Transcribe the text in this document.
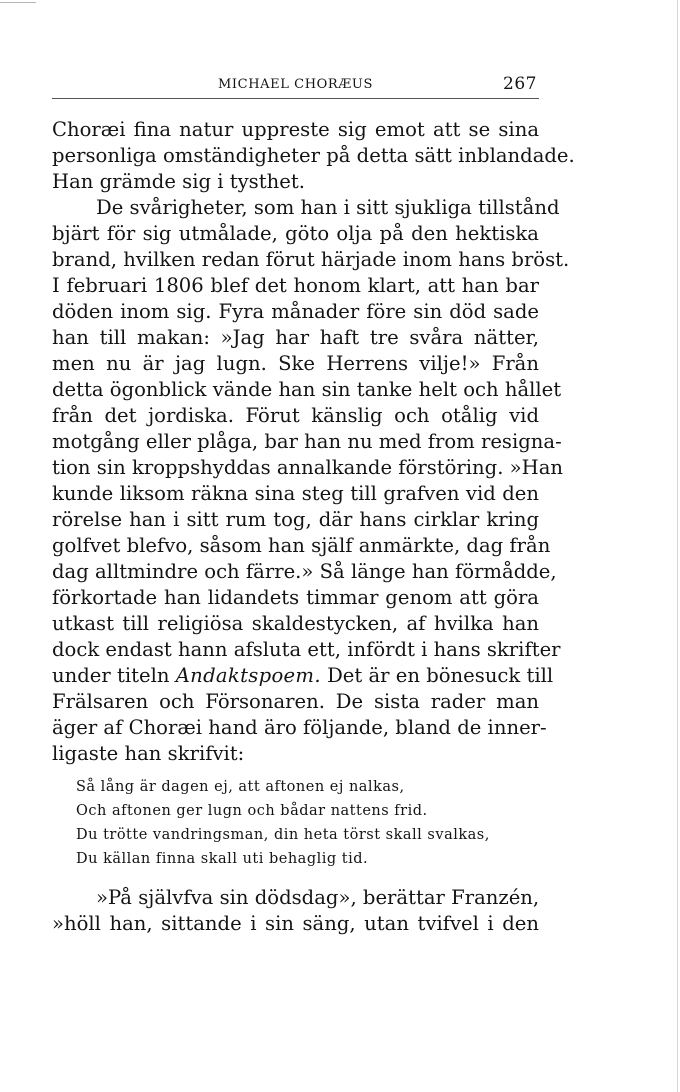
MICHAEL CHORÆUS	267
Choræi fina natur uppreste sig emot att se sina
personliga omständigheter på detta sätt inblandade.
Han grämde sig i tysthet.
De svårigheter, som han i sitt sjukliga tillstånd
bjärt för sig utmålade, göto olja på den hektiska
brand, hvilken redan förut härjade inom hans bröst.
I februari 1806 blef det honom klart, att han bar
döden inom sig. Fyra månader före sin död sade
han till makan: »Jag har haft tre svåra nätter,
men nu är jag lugn. Ske Herrens vilje!» Från
detta ögonblick vände han sin tanke helt och hållet
från det jordiska. Förut känslig och otålig vid
motgång eller plåga, bar han nu med from resigna-
tion sin kroppshyddas annalkande förstöring. »Han
kunde liksom räkna sina steg till grafven vid den
rörelse han i sitt rum tog, där hans cirklar kring
golfvet blefvo, såsom han själf anmärkte, dag från
dag alltmindre och färre.» Så länge han förmådde,
förkortade han lidandets timmar genom att göra
utkast till religiösa skaldestycken, af hvilka han
dock endast hann afsluta ett, infördt i hans skrifter
under titeln Andaktspoem. Det är en bönesuck till
Frälsaren och Försonaren. De sista rader man
äger af Choræi hand äro följande, bland de inner-
ligaste han skrifvit:
Så lång är dagen ej, att aftonen ej nalkas,
Och aftonen ger lugn och bådar nattens frid.
Du trötte vandringsman, din heta törst skall svalkas,
Du källan finna skall uti behaglig tid.
»På självfva sin dödsdag», berättar Franzén,
»höll han, sittande i sin säng, utan tvifvel i den
